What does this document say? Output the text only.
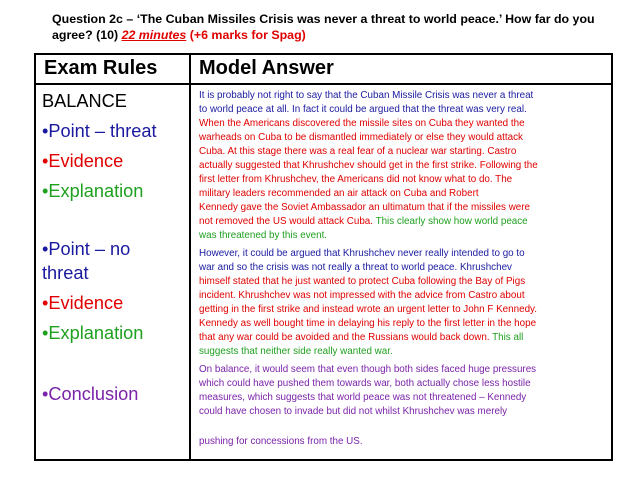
Question 2c – ‘The Cuban Missiles Crisis was never a threat to world peace.’ How far do you agree? (10) 22 minutes (+6 marks for Spag)
Exam Rules Model Answer
BALANCE
•Point – threat
•Evidence
•Explanation
•Point – no
threat
•Evidence
•Explanation
•Conclusion
It is probably not right to say that the Cuban Missile Crisis was never a threat
to world peace at all. In fact it could be argued that the threat was very real.
When the Americans discovered the missile sites on Cuba they wanted the
warheads on Cuba to be dismantled immediately or else they would attack
Cuba. At this stage there was a real fear of a nuclear war starting. Castro
actually suggested that Khrushchev should get in the first strike. Following the
first letter from Khrushchev, the Americans did not know what to do. The
military leaders recommended an air attack on Cuba and Robert
Kennedy gave the Soviet Ambassador an ultimatum that if the missiles were
not removed the US would attack Cuba. This clearly show how world peace
was threatened by this event.
However, it could be argued that Khrushchev never really intended to go to
war and so the crisis was not really a threat to world peace. Khrushchev
himself stated that he just wanted to protect Cuba following the Bay of Pigs
incident. Khrushchev was not impressed with the advice from Castro about
getting in the first strike and instead wrote an urgent letter to John F Kennedy.
Kennedy as well bought time in delaying his reply to the first letter in the hope
that any war could be avoided and the Russians would back down. This all
suggests that neither side really wanted war.
On balance, it would seem that even though both sides faced huge pressures
which could have pushed them towards war, both actually chose less hostile
measures, which suggests that world peace was not threatened – Kennedy
could have chosen to invade but did not whilst Khrushchev was merely
pushing for concessions from the US.
